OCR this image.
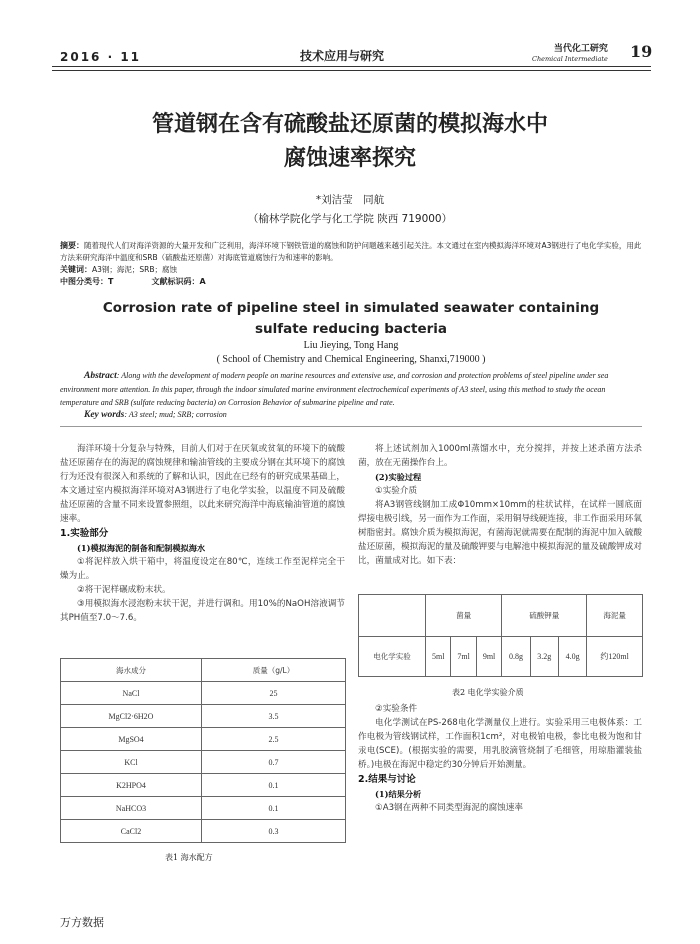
2016 · 11	技术应用与研究	当代化工研究
Chemical Intermediate 19
管道钢在含有硫酸盐还原菌的模拟海水中
腐蚀速率探究
*刘洁莹　同航
（榆林学院化学与化工学院 陕西 719000）
摘要：随着现代人们对海洋资源的大量开发和广泛利用，海洋环境下钢铁管道的腐蚀和防护问题越来越引起关注。本文通过在室内模拟海洋环境对A3钢进行了电化学实验，用此方法来研究海洋中温度和SRB（硫酸盐还原菌）对海底管道腐蚀行为和速率的影响。
关键词：A3钢；海泥；SRB；腐蚀
中图分类号：T	文献标识码：A
Corrosion rate of pipeline steel in simulated seawater containing
sulfate reducing bacteria
Liu Jieying, Tong Hang
( School of Chemistry and Chemical Engineering, Shanxi,719000 )
Abstract: Along with the development of modern people on marine resources and extensive use, and corrosion and protection problems of steel pipeline under sea environment more attention. In this paper, through the indoor simulated marine environment electrochemical experiments of A3 steel, using this method to study the ocean temperature and SRB (sulfate reducing bacteria) on Corrosion Behavior of submarine pipeline and rate.
Key words: A3 steel; mud; SRB; corrosion

海洋环境十分复杂与特殊，目前人们对于在厌氧或贫氧的环境下的硫酸盐还原菌存在的海泥的腐蚀规律和输油管线的主要成分钢在其环境下的腐蚀行为还没有很深入和系统的了解和认识，因此在已经有的研究成果基础上，本文通过室内模拟海洋环境对A3钢进行了电化学实验，以温度不同及硫酸盐还原菌的含量不同来设置参照组，以此来研究海洋中海底输油管道的腐蚀速率。

1.实验部分
(1)模拟海泥的制备和配制模拟海水

①将泥样放入烘干箱中，将温度设定在80℃，连续工作至泥样完全干燥为止。

②将干泥样碾成粉末状。

③用模拟海水浸泡粉末状干泥，并进行调和。用10%的NaOH溶液调节其PH值至7.0～7.6。

海水成分	质量（g/L）
NaCl	25
MgCl2·6H2O	3.5
MgSO4	2.5
KCl	0.7
K2HPO4	0.1
NaHCO3	0.1
CaCl2	0.3
表1 海水配方

将上述试剂加入1000ml蒸馏水中，充分搅拌，并按上述杀菌方法杀菌，放在无菌操作台上。

(2)实验过程

①实验介质

将A3钢管线钢加工成Φ10mm×10mm的柱状试样，在试样一圆底面焊接电极引线，另一面作为工作面，采用铜导线硬连接，非工作面采用环氧树脂密封。腐蚀介质为模拟海泥，有菌海泥就需要在配制的海泥中加入硫酸盐还原菌，模拟海泥的量及硫酸钾要与电解池中模拟海泥的量及硫酸钾成对比，菌量成对比。如下表：

	菌量			硫酸钾量			海泥量
电化学实验	5ml	7ml	9ml	0.8g	3.2g	4.0g	约120ml
表2 电化学实验介质

②实验条件

电化学测试在PS-268电化学测量仪上进行。实验采用三电极体系：工作电极为管线钢试样，工作面积1cm²，对电极铂电极，参比电极为饱和甘汞电(SCE)。(根据实验的需要，用乳胶滴管烧制了毛细管，用琼脂灌装盐桥。)电极在海泥中稳定约30分钟后开始测量。

2.结果与讨论
(1)结果分析

①A3钢在两种不同类型海泥的腐蚀速率

万方数据
